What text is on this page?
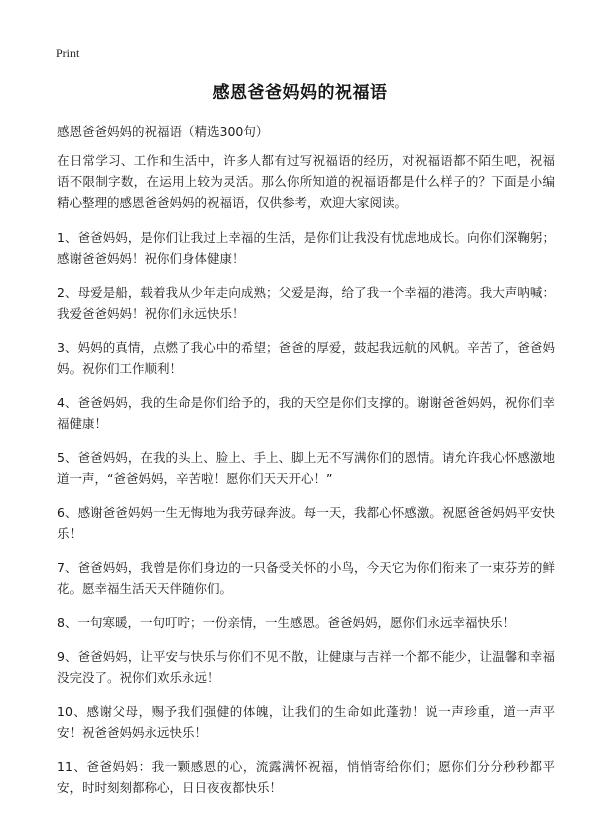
Print
感恩爸爸妈妈的祝福语
感恩爸爸妈妈的祝福语（精选300句）

在日常学习、工作和生活中，许多人都有过写祝福语的经历，对祝福语都不陌生吧，祝福语不限制字数，在运用上较为灵活。那么你所知道的祝福语都是什么样子的？下面是小编精心整理的感恩爸爸妈妈的祝福语，仅供参考，欢迎大家阅读。

1、爸爸妈妈，是你们让我过上幸福的生活，是你们让我没有忧虑地成长。向你们深鞠躬；感谢爸爸妈妈！祝你们身体健康！

2、母爱是船，载着我从少年走向成熟；父爱是海，给了我一个幸福的港湾。我大声呐喊：我爱爸爸妈妈！祝你们永远快乐！

3、妈妈的真情，点燃了我心中的希望；爸爸的厚爱，鼓起我远航的风帆。辛苦了，爸爸妈妈。祝你们工作顺利！

4、爸爸妈妈，我的生命是你们给予的，我的天空是你们支撑的。谢谢爸爸妈妈，祝你们幸福健康！

5、爸爸妈妈，在我的头上、脸上、手上、脚上无不写满你们的恩情。请允许我心怀感激地道一声，“爸爸妈妈，辛苦啦！愿你们天天开心！”

6、感谢爸爸妈妈一生无悔地为我劳碌奔波。每一天，我都心怀感激。祝愿爸爸妈妈平安快乐！

7、爸爸妈妈，我曾是你们身边的一只备受关怀的小鸟，今天它为你们衔来了一束芬芳的鲜花。愿幸福生活天天伴随你们。

8、一句寒暖，一句叮咛；一份亲情，一生感恩。爸爸妈妈，愿你们永远幸福快乐！

9、爸爸妈妈，让平安与快乐与你们不见不散，让健康与吉祥一个都不能少，让温馨和幸福没完没了。祝你们欢乐永远！

10、感谢父母，赐予我们强健的体魄，让我们的生命如此蓬勃！说一声珍重，道一声平安！祝爸爸妈妈永远快乐！

11、爸爸妈妈：我一颗感恩的心，流露满怀祝福，悄悄寄给你们；愿你们分分秒秒都平安，时时刻刻都称心，日日夜夜都快乐！
